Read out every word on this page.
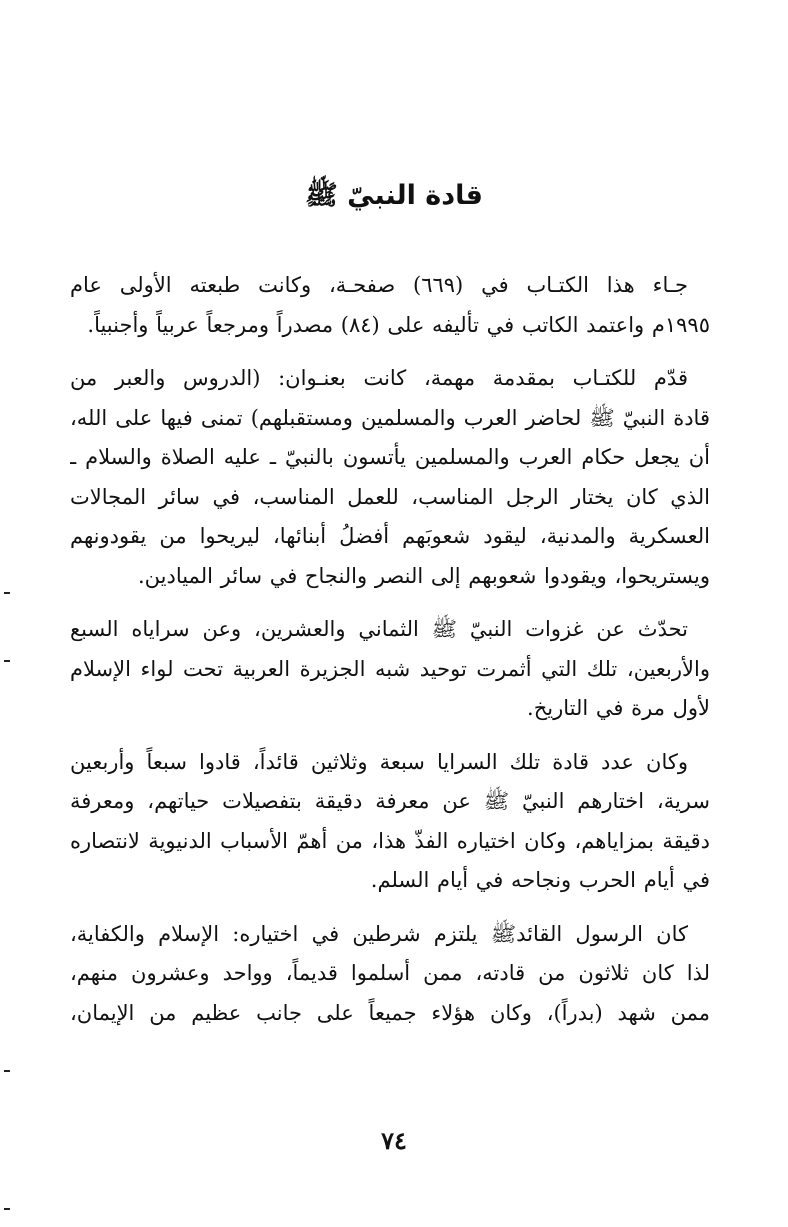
قادة النبيّ ﷺ

جـاء هذا الكتـاب في (٦٦٩) صفحـة، وكانت طبعته الأولى عام
١٩٩٥م واعتمد الكاتب في تأليفه على (٨٤) مصدراً ومرجعاً عربياً وأجنبياً.

قدّم للكتـاب بمقدمة مهمة، كانت بعنـوان: (الدروس والعبر من
قادة النبيّ ﷺ لحاضر العرب والمسلمين ومستقبلهم) تمنى فيها على الله،
أن يجعل حكام العرب والمسلمين يأتسون بالنبيّ ـ عليه الصلاة والسلام ـ
الذي كان يختار الرجل المناسب، للعمل المناسب، في سائر المجالات
العسكرية والمدنية، ليقود شعوبَهم أفضلُ أبنائها، ليريحوا من يقودونهم
ويستريحوا، ويقودوا شعوبهم إلى النصر والنجاح في سائر الميادين.

تحدّث عن غزوات النبيّ ﷺ الثماني والعشرين، وعن سراياه السبع
والأربعين، تلك التي أثمرت توحيد شبه الجزيرة العربية تحت لواء الإسلام
لأول مرة في التاريخ.

وكان عدد قادة تلك السرايا سبعة وثلاثين قائداً، قادوا سبعاً وأربعين
سرية، اختارهم النبيّ ﷺ عن معرفة دقيقة بتفصيلات حياتهم، ومعرفة
دقيقة بمزاياهم، وكان اختياره الفذّ هذا، من أهمّ الأسباب الدنيوية لانتصاره
في أيام الحرب ونجاحه في أيام السلم.

كان الرسول القائدﷺ يلتزم شرطين في اختياره: الإسلام والكفاية،
لذا كان ثلاثون من قادته، ممن أسلموا قديماً، وواحد وعشرون منهم،
ممن شهد (بدراً)، وكان هؤلاء جميعاً على جانب عظيم من الإيمان،

٧٤
